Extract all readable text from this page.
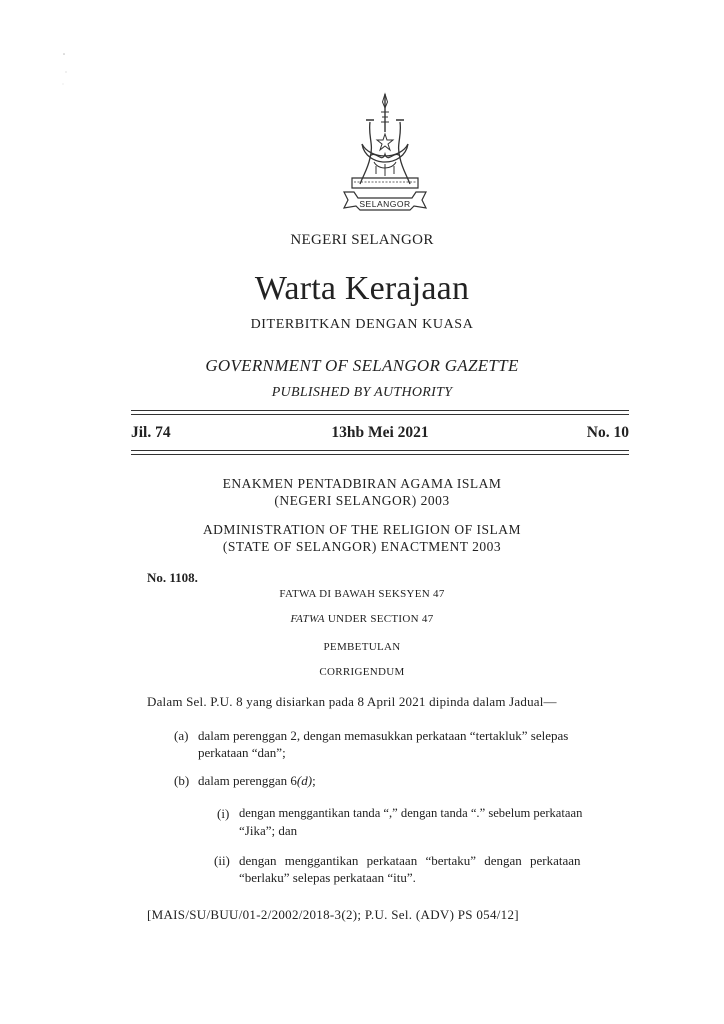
SELANGOR
NEGERI SELANGOR
Warta Kerajaan
DITERBITKAN DENGAN KUASA
GOVERNMENT OF SELANGOR GAZETTE
PUBLISHED BY AUTHORITY
Jil. 74	13hb Mei 2021	No. 10
ENAKMEN PENTADBIRAN AGAMA ISLAM
(NEGERI SELANGOR) 2003
ADMINISTRATION OF THE RELIGION OF ISLAM
(STATE OF SELANGOR) ENACTMENT 2003
No. 1108.
FATWA DI BAWAH SEKSYEN 47
FATWA UNDER SECTION 47
PEMBETULAN
CORRIGENDUM
Dalam Sel. P.U. 8 yang disiarkan pada 8 April 2021 dipinda dalam Jadual—
(a) dalam perenggan 2, dengan memasukkan perkataan “tertakluk” selepas
perkataan “dan”;
(b) dalam perenggan 6(d);
(i) dengan menggantikan tanda “,” dengan tanda “.” sebelum perkataan
“Jika”; dan
(ii) dengan menggantikan perkataan “bertaku” dengan perkataan
“berlaku” selepas perkataan “itu”.
[MAIS/SU/BUU/01-2/2002/2018-3(2); P.U. Sel. (ADV) PS 054/12]
